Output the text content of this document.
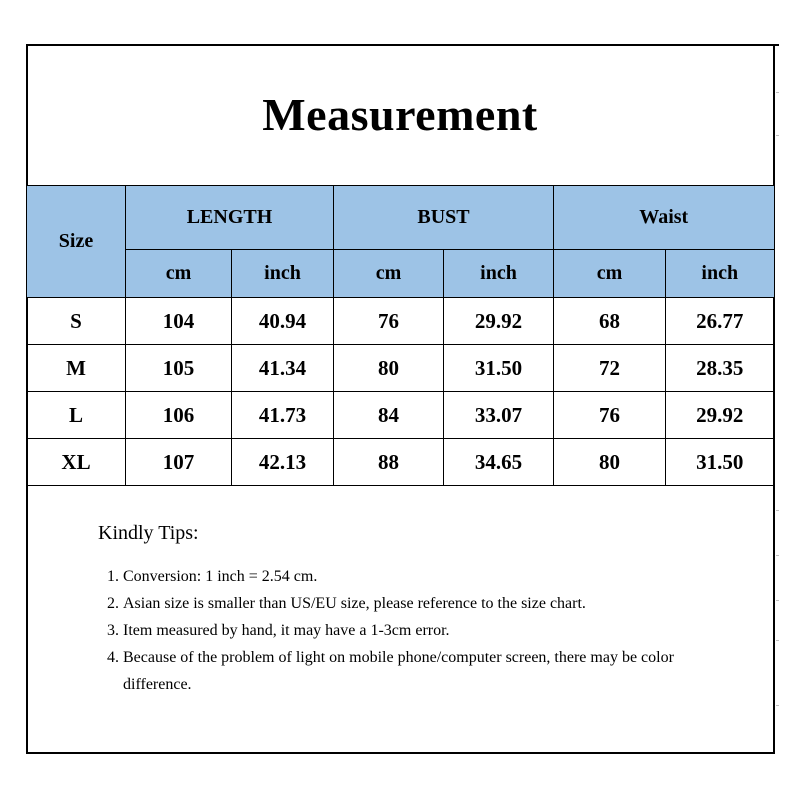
Measurement
Size	LENGTH		BUST		Waist	
	cm	inch	cm	inch	cm	inch
S	104	40.94	76	29.92	68	26.77
M	105	41.34	80	31.50	72	28.35
L	106	41.73	84	33.07	76	29.92
XL	107	42.13	88	34.65	80	31.50
Kindly Tips:
1. Conversion: 1 inch = 2.54 cm.
2. Asian size is smaller than US/EU size, please reference to the size chart.
3. Item measured by hand, it may have a 1-3cm error.
4. Because of the problem of light on mobile phone/computer screen, there may be color difference.
